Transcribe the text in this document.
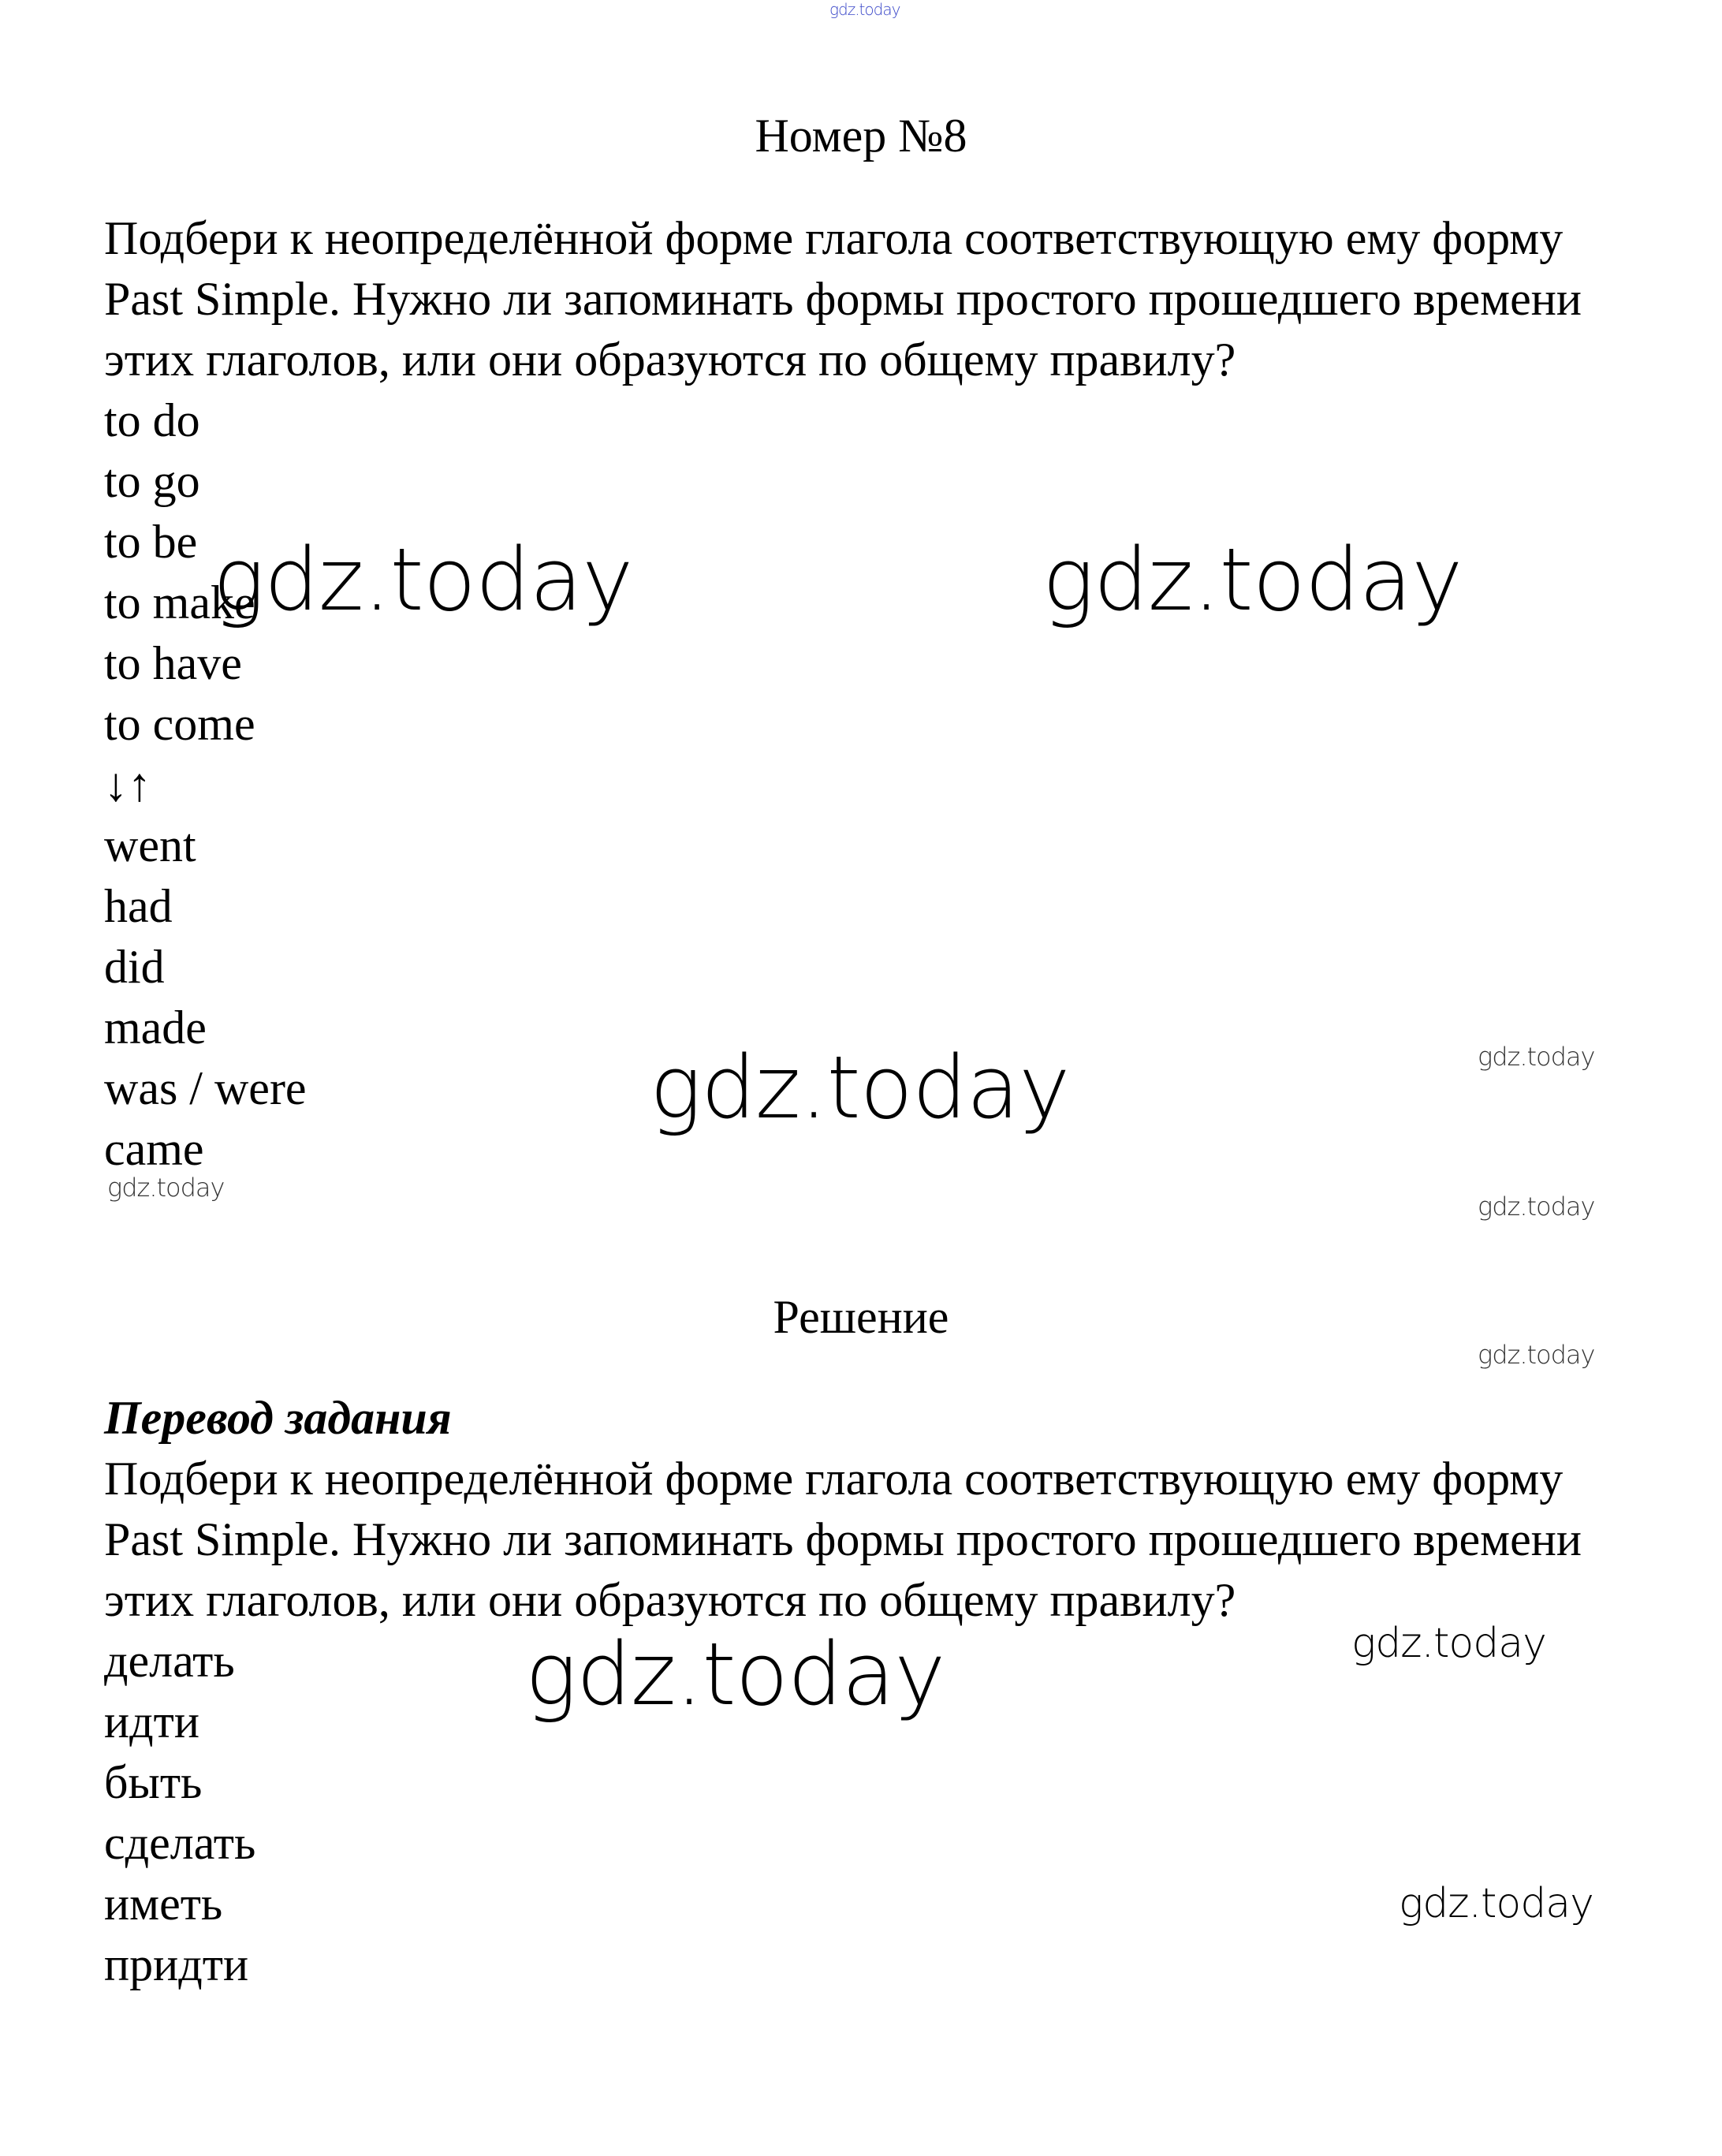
Номер №8

Подбери к неопределённой форме глагола соответствующую ему форму Past Simple. Нужно ли запоминать формы простого прошедшего времени этих глаголов, или они образуются по общему правилу?

to do
to go
to be
to make
to have
to come
↓↑
went
had
did
made
was / were
came
Решение

Перевод задания

Подбери к неопределённой форме глагола соответствующую ему форму Past Simple. Нужно ли запоминать формы простого прошедшего времени этих глаголов, или они образуются по общему правилу?

делать
идти
быть
сделать
иметь
придти
gdz.today
gdz.today	gdz.today
gdz.today
gdz.today	gdz.today
gdz.today
gdz.today
gdz.today
gdz.today
gdz.today
